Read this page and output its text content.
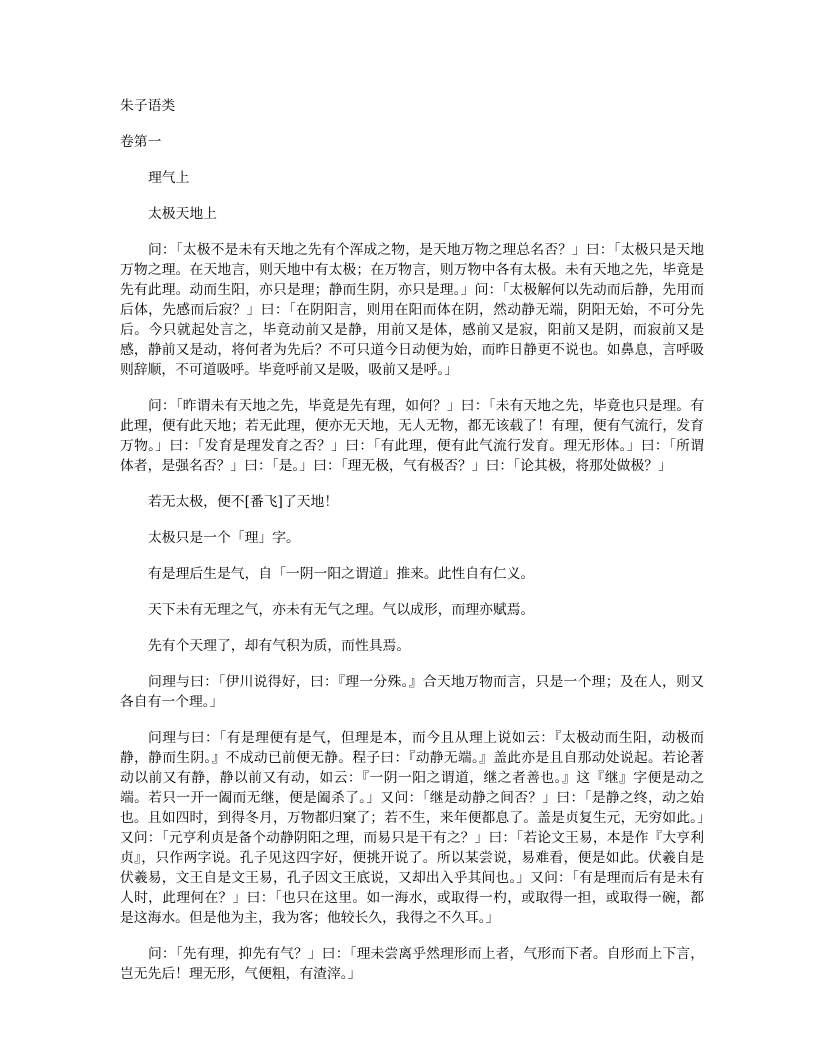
朱子语类

卷第一

理气上

太极天地上

问：「太极不是未有天地之先有个浑成之物，是天地万物之理总名否？」曰：「太极只是天地万物之理。在天地言，则天地中有太极；在万物言，则万物中各有太极。未有天地之先，毕竟是先有此理。动而生阳，亦只是理；静而生阴，亦只是理。」问：「太极解何以先动而后静，先用而后体，先感而后寂？」曰：「在阴阳言，则用在阳而体在阴，然动静无端，阴阳无始，不可分先后。今只就起处言之，毕竟动前又是静，用前又是体，感前又是寂，阳前又是阴，而寂前又是感，静前又是动，将何者为先后？不可只道今日动便为始，而昨日静更不说也。如鼻息，言呼吸则辞顺，不可道吸呼。毕竟呼前又是吸，吸前又是呼。」

问：「昨谓未有天地之先，毕竟是先有理，如何？」曰：「未有天地之先，毕竟也只是理。有此理，便有此天地；若无此理，便亦无天地，无人无物，都无该载了！有理，便有气流行，发育万物。」曰：「发育是理发育之否？」曰：「有此理，便有此气流行发育。理无形体。」曰：「所谓体者，是强名否？」曰：「是。」曰：「理无极，气有极否？」曰：「论其极，将那处做极？」

若无太极，便不[番飞]了天地！

太极只是一个「理」字。

有是理后生是气，自「一阴一阳之谓道」推来。此性自有仁义。

天下未有无理之气，亦未有无气之理。气以成形，而理亦赋焉。

先有个天理了，却有气积为质，而性具焉。

问理与曰：「伊川说得好，曰：『理一分殊。』合天地万物而言，只是一个理；及在人，则又各自有一个理。」

问理与曰：「有是理便有是气，但理是本，而今且从理上说如云：『太极动而生阳，动极而静，静而生阴。』不成动已前便无静。程子曰：『动静无端。』盖此亦是且自那动处说起。若论著动以前又有静，静以前又有动，如云：『一阴一阳之谓道，继之者善也。』这『继』字便是动之端。若只一开一阖而无继，便是阖杀了。」又问：「继是动静之间否？」曰：「是静之终，动之始也。且如四时，到得冬月，万物都归窠了；若不生，来年便都息了。盖是贞复生元，无穷如此。」又问：「元亨利贞是备个动静阴阳之理，而易只是干有之？」曰：「若论文王易，本是作『大亨利贞』，只作两字说。孔子见这四字好，便挑开说了。所以某尝说，易难看，便是如此。伏羲自是伏羲易，文王自是文王易，孔子因文王底说，又却出入乎其间也。」又问：「有是理而后有是未有人时，此理何在？」曰：「也只在这里。如一海水，或取得一杓，或取得一担，或取得一碗，都是这海水。但是他为主，我为客；他较长久，我得之不久耳。」

问：「先有理，抑先有气？」曰：「理未尝离乎然理形而上者，气形而下者。自形而上下言，岂无先后！理无形，气便粗，有渣滓。」
